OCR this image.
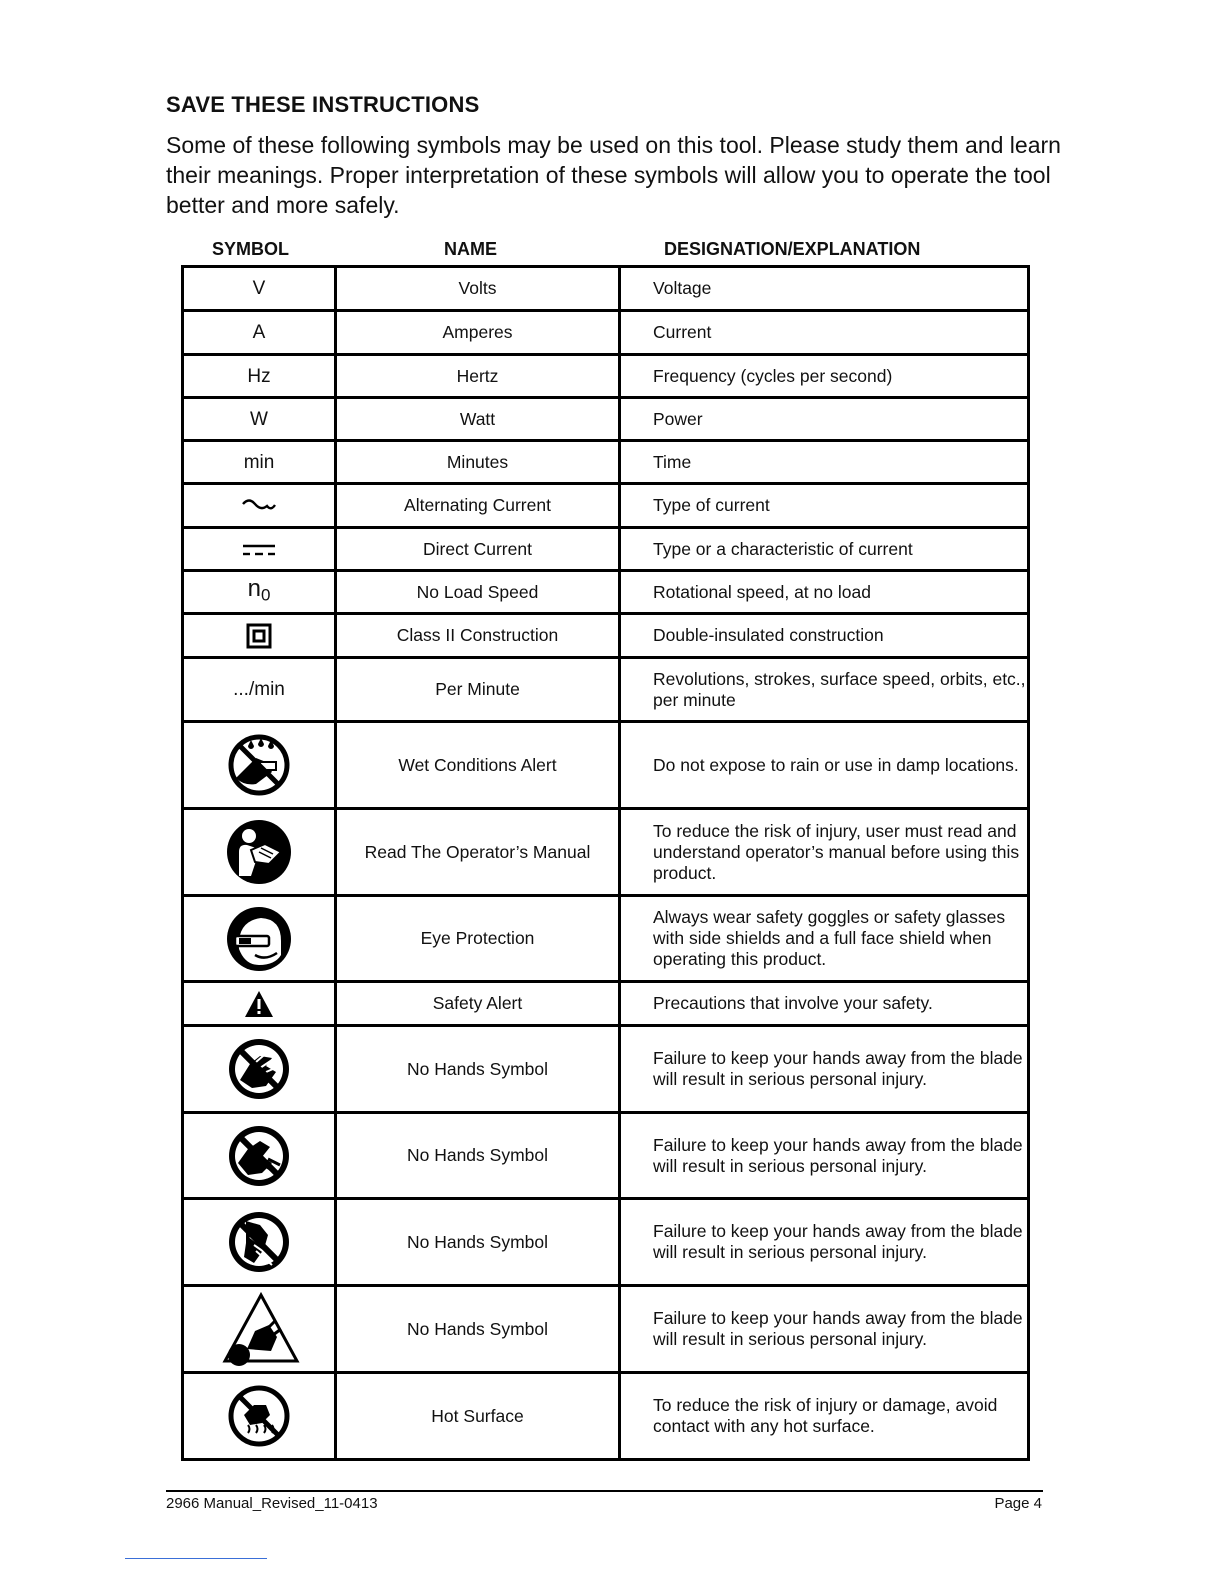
SAVE THESE INSTRUCTIONS

Some of these following symbols may be used on this tool. Please study them and learn their meanings. Proper interpretation of these symbols will allow you to operate the tool better and more safely.

SYMBOL	NAME	DESIGNATION/EXPLANATION
V	Volts	Voltage
A	Amperes	Current
Hz	Hertz	Frequency (cycles per second)
W	Watt	Power
min	Minutes	Time
	Alternating Current	Type of current
	Direct Current	Type or a characteristic of current
$n_0$	No Load Speed	Rotational speed, at no load
	Class II Construction	Double-insulated construction
.../min	Per Minute	Revolutions, strokes, surface speed, orbits, etc., per minute
	Wet Conditions Alert	Do not expose to rain or use in damp locations.
	Read The Operator’s Manual	To reduce the risk of injury, user must read and understand operator’s manual before using this product.
	Eye Protection	Always wear safety goggles or safety glasses with side shields and a full face shield when operating this product.
	Safety Alert	Precautions that involve your safety.
	No Hands Symbol	Failure to keep your hands away from the blade will result in serious personal injury.
	No Hands Symbol	Failure to keep your hands away from the blade will result in serious personal injury.
	No Hands Symbol	Failure to keep your hands away from the blade will result in serious personal injury.
	No Hands Symbol	Failure to keep your hands away from the blade will result in serious personal injury.
	Hot Surface	To reduce the risk of injury or damage, avoid contact with any hot surface.
2966 Manual_Revised_11-0413	Page 4
